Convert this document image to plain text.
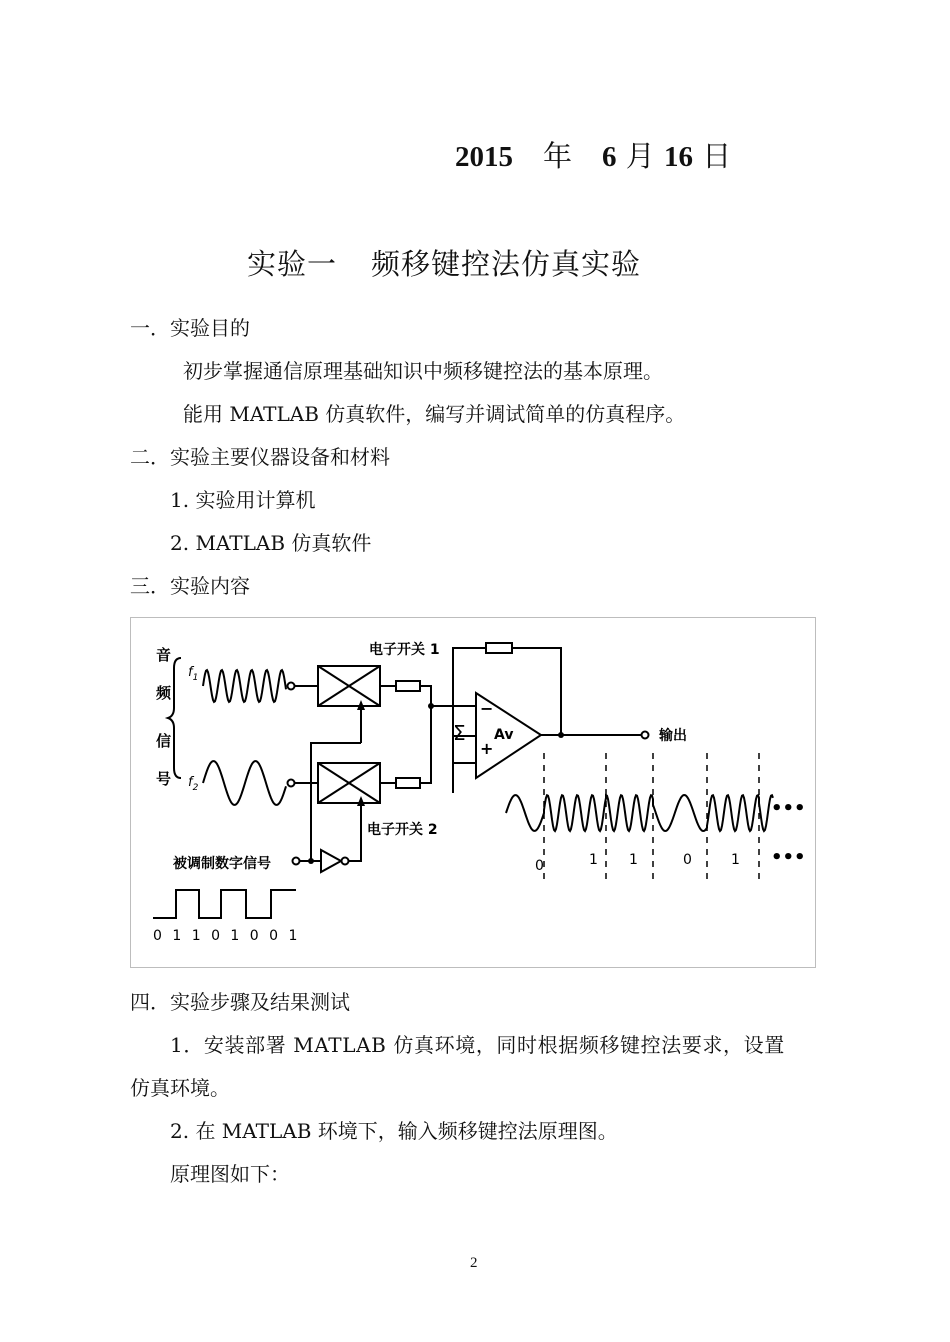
2015 年 6 月 16 日
实验一 频移键控法仿真实验
一．实验目的
初步掌握通信原理基础知识中频移键控法的基本原理。
能用 MATLAB 仿真软件，编写并调试简单的仿真程序。
二．实验主要仪器设备和材料
1. 实验用计算机
2. MATLAB 仿真软件
三．实验内容
音
频
信
号
$f_1$
$f_2$
电子开关 1
电子开关 2
Σ
−
+
Av	输出
被调制数字信号
0 1 1 0 1 0 0 1
0	1 1	0	1
•••
•••
四．实验步骤及结果测试
1．安装部署 MATLAB 仿真环境，同时根据频移键控法要求，设置
仿真环境。
2. 在 MATLAB 环境下，输入频移键控法原理图。
原理图如下：
2
